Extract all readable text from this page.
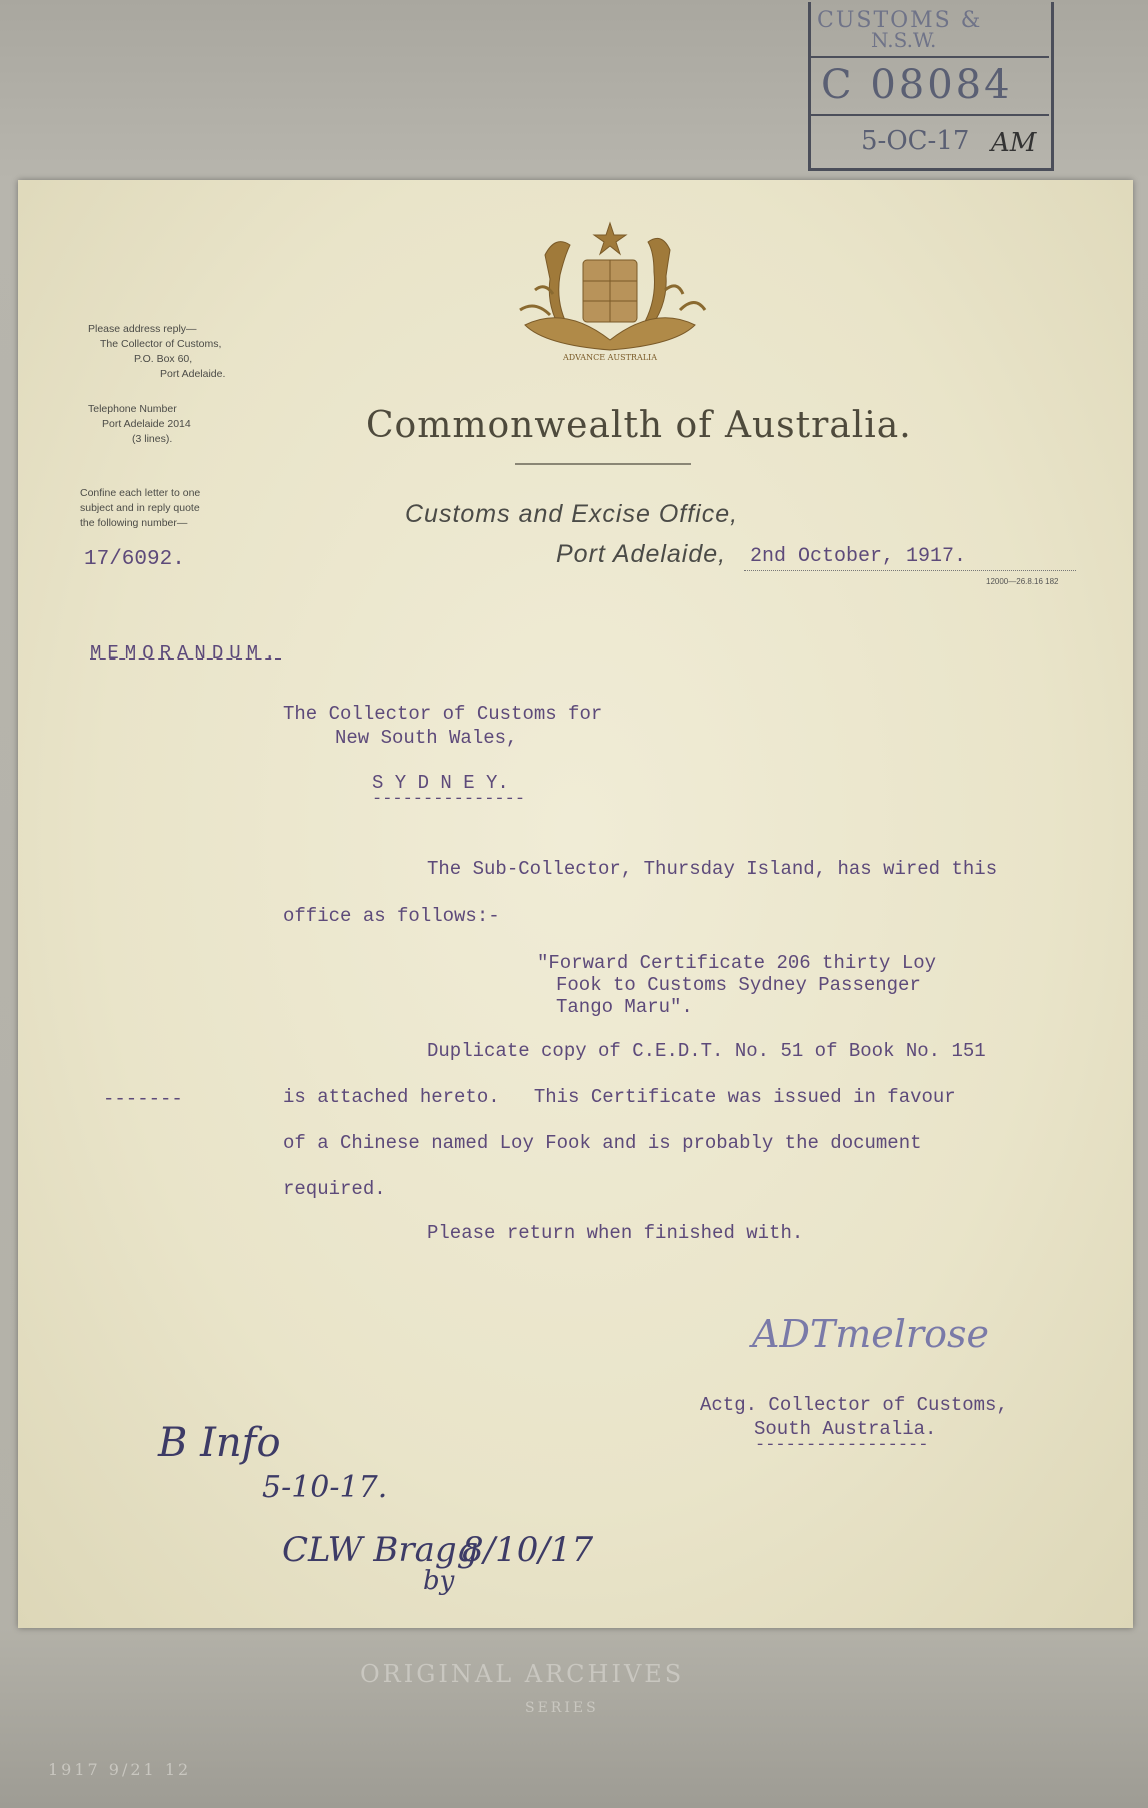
CUSTOMS &
N.S.W.
C 08084
5-OC-17 AM
ADVANCE AUSTRALIA
Please address reply—
The Collector of Customs,
P.O. Box 60,
Port Adelaide.
Telephone Number
Port Adelaide 2014
(3 lines).
Confine each letter to one
subject and in reply quote
the following number—
17/6092.
Commonwealth of Australia.
Customs and Excise Office,
Port Adelaide, 2nd October, 1917.
12000—26.8.16 182
MEMORANDUM.
The Collector of Customs for
New South Wales,
S Y D N E Y.
---------------
The Sub-Collector, Thursday Island, has wired this
office as follows:-
"Forward Certificate 206 thirty Loy
Fook to Customs Sydney Passenger
Tango Maru".
Duplicate copy of C.E.D.T. No. 51 of Book No. 151
-------	is attached hereto.   This Certificate was issued in favour
of a Chinese named Loy Fook and is probably the document
required.
Please return when finished with.
ADTmelrose
Actg. Collector of Customs,
South Australia.
-----------------
B Info
5-10-17.
CLW Bragg
8/10/17
by
ORIGINAL ARCHIVES
SERIES
1917 9/21 12
